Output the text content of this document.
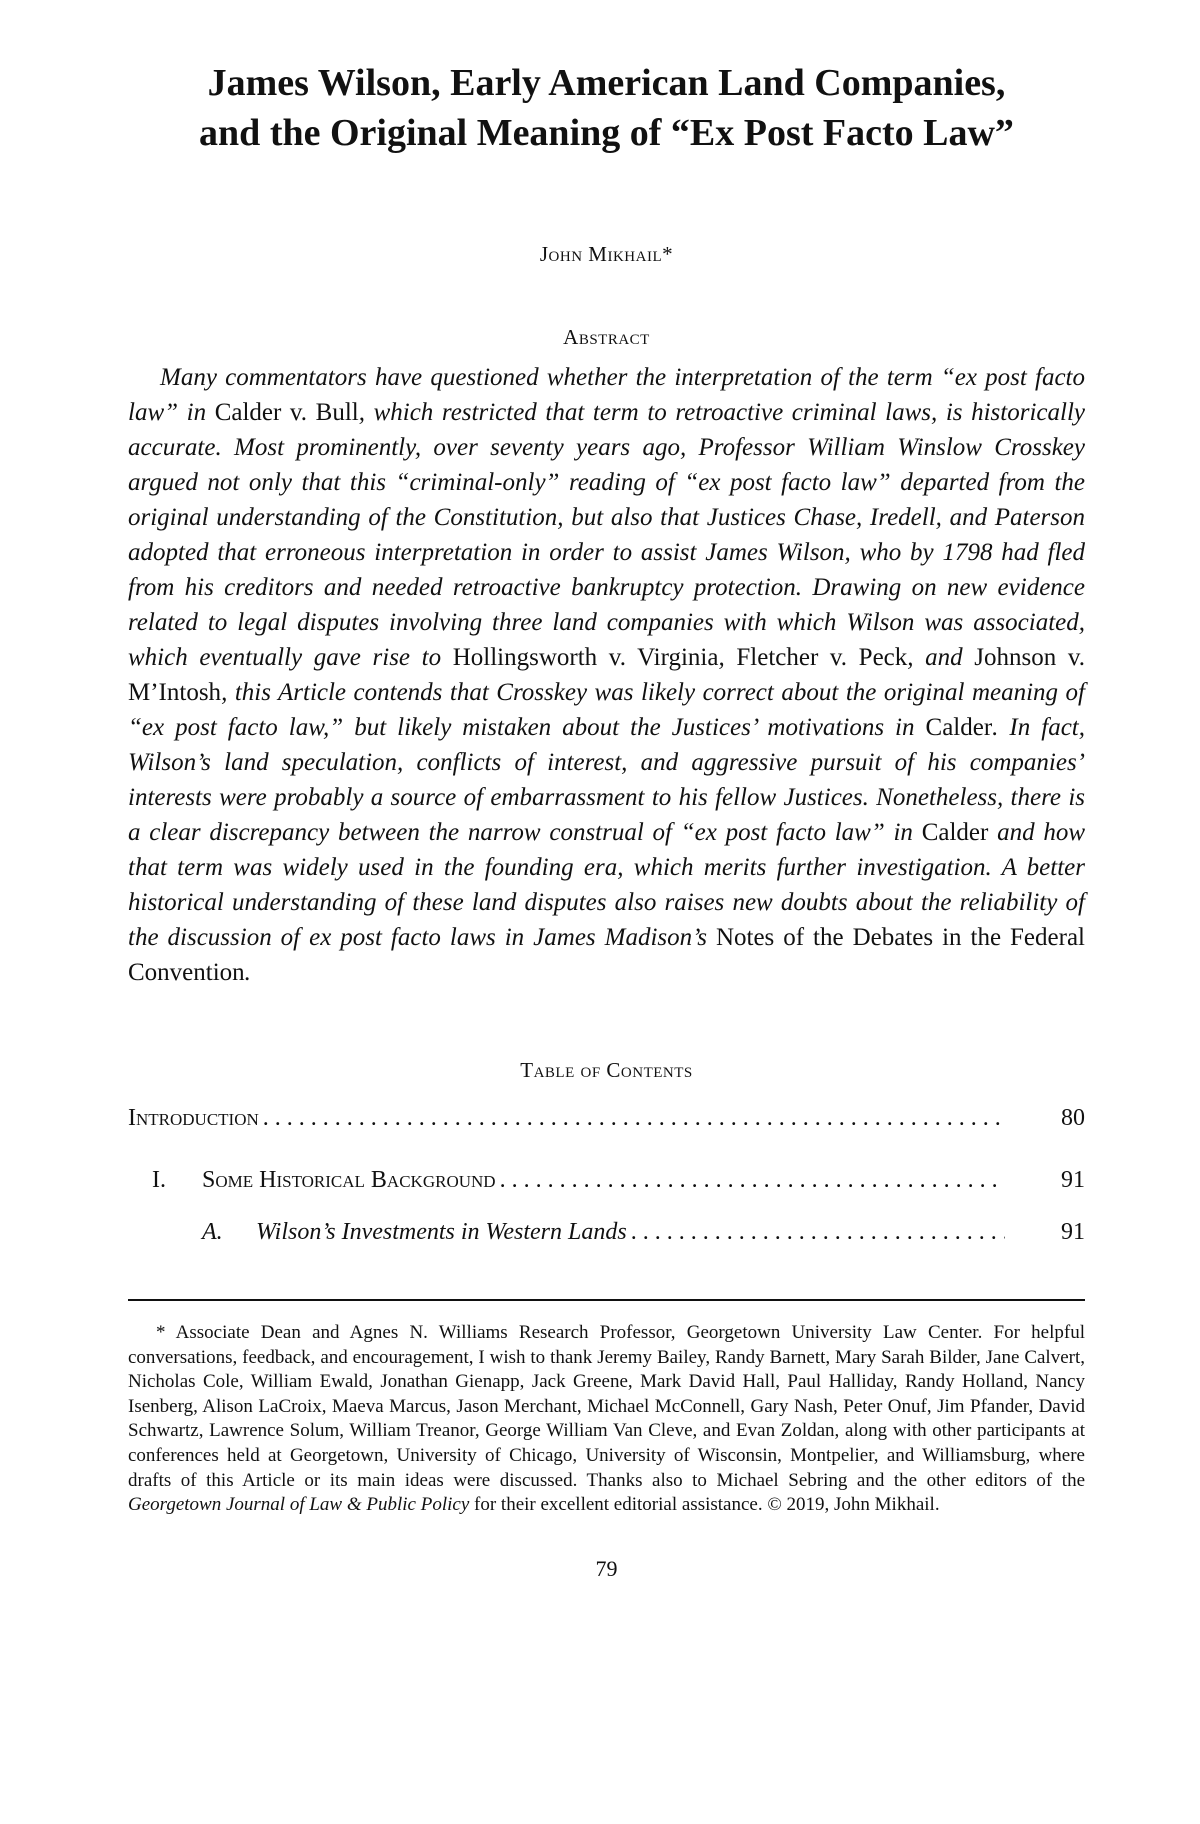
James Wilson, Early American Land Companies,
and the Original Meaning of “Ex Post Facto Law”
John Mikhail*
Abstract

Many commentators have questioned whether the interpretation of the term “ex post facto law” in Calder v. Bull, which restricted that term to retroactive criminal laws, is historically accurate. Most prominently, over seventy years ago, Professor William Winslow Crosskey argued not only that this “criminal-only” reading of “ex post facto law” departed from the original understanding of the Constitution, but also that Justices Chase, Iredell, and Paterson adopted that erroneous interpretation in order to assist James Wilson, who by 1798 had fled from his creditors and needed retroactive bankruptcy protection. Drawing on new evidence related to legal disputes involving three land companies with which Wilson was associated, which eventually gave rise to Hollingsworth v. Virginia, Fletcher v. Peck, and Johnson v. M’Intosh, this Article contends that Crosskey was likely correct about the original meaning of “ex post facto law,” but likely mistaken about the Justices’ motivations in Calder. In fact, Wilson’s land speculation, conflicts of interest, and aggressive pursuit of his companies’ interests were probably a source of embarrassment to his fellow Justices. Nonetheless, there is a clear discrepancy between the narrow construal of “ex post facto law” in Calder and how that term was widely used in the founding era, which merits further investigation. A better historical understanding of these land disputes also raises new doubts about the reliability of the discussion of ex post facto laws in James Madison’s Notes of the Debates in the Federal Convention.

Table of Contents
Introduction . . .	80
I. Some Historical Background . . .	91
A. Wilson’s Investments in Western Lands . . .	91

* Associate Dean and Agnes N. Williams Research Professor, Georgetown University Law Center. For helpful conversations, feedback, and encouragement, I wish to thank Jeremy Bailey, Randy Barnett, Mary Sarah Bilder, Jane Calvert, Nicholas Cole, William Ewald, Jonathan Gienapp, Jack Greene, Mark David Hall, Paul Halliday, Randy Holland, Nancy Isenberg, Alison LaCroix, Maeva Marcus, Jason Merchant, Michael McConnell, Gary Nash, Peter Onuf, Jim Pfander, David Schwartz, Lawrence Solum, William Treanor, George William Van Cleve, and Evan Zoldan, along with other participants at conferences held at Georgetown, University of Chicago, University of Wisconsin, Montpelier, and Williamsburg, where drafts of this Article or its main ideas were discussed. Thanks also to Michael Sebring and the other editors of the Georgetown Journal of Law & Public Policy for their excellent editorial assistance. © 2019, John Mikhail.

79
